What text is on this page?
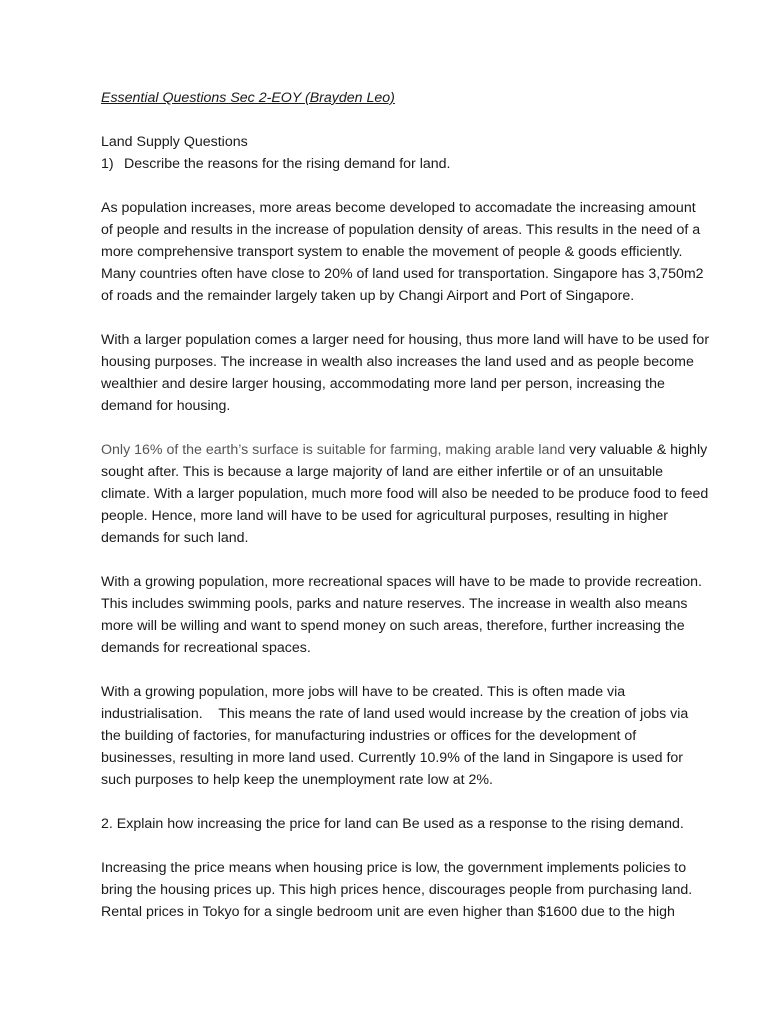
Essential Questions Sec 2-EOY (Brayden Leo)
Land Supply Questions
1) Describe the reasons for the rising demand for land.

As population increases, more areas become developed to accomadate the increasing amount of people and results in the increase of population density of areas. This results in the need of a more comprehensive transport system to enable the movement of people & goods efficiently. Many countries often have close to 20% of land used for transportation. Singapore has 3,750m2 of roads and the remainder largely taken up by Changi Airport and Port of Singapore.

With a larger population comes a larger need for housing, thus more land will have to be used for housing purposes. The increase in wealth also increases the land used and as people become wealthier and desire larger housing, accommodating more land per person, increasing the demand for housing.

Only 16% of the earth’s surface is suitable for farming, making arable land very valuable & highly sought after. This is because a large majority of land are either infertile or of an unsuitable climate. With a larger population, much more food will also be needed to be produce food to feed people. Hence, more land will have to be used for agricultural purposes, resulting in higher demands for such land.

With a growing population, more recreational spaces will have to be made to provide recreation. This includes swimming pools, parks and nature reserves. The increase in wealth also means more will be willing and want to spend money on such areas, therefore, further increasing the demands for recreational spaces.

With a growing population, more jobs will have to be created. This is often made via industrialisation.    This means the rate of land used would increase by the creation of jobs via the building of factories, for manufacturing industries or offices for the development of businesses, resulting in more land used. Currently 10.9% of the land in Singapore is used for such purposes to help keep the unemployment rate low at 2%.

2. Explain how increasing the price for land can Be used as a response to the rising demand.

Increasing the price means when housing price is low, the government implements policies to bring the housing prices up. This high prices hence, discourages people from purchasing land. Rental prices in Tokyo for a single bedroom unit are even higher than $1600 due to the high
